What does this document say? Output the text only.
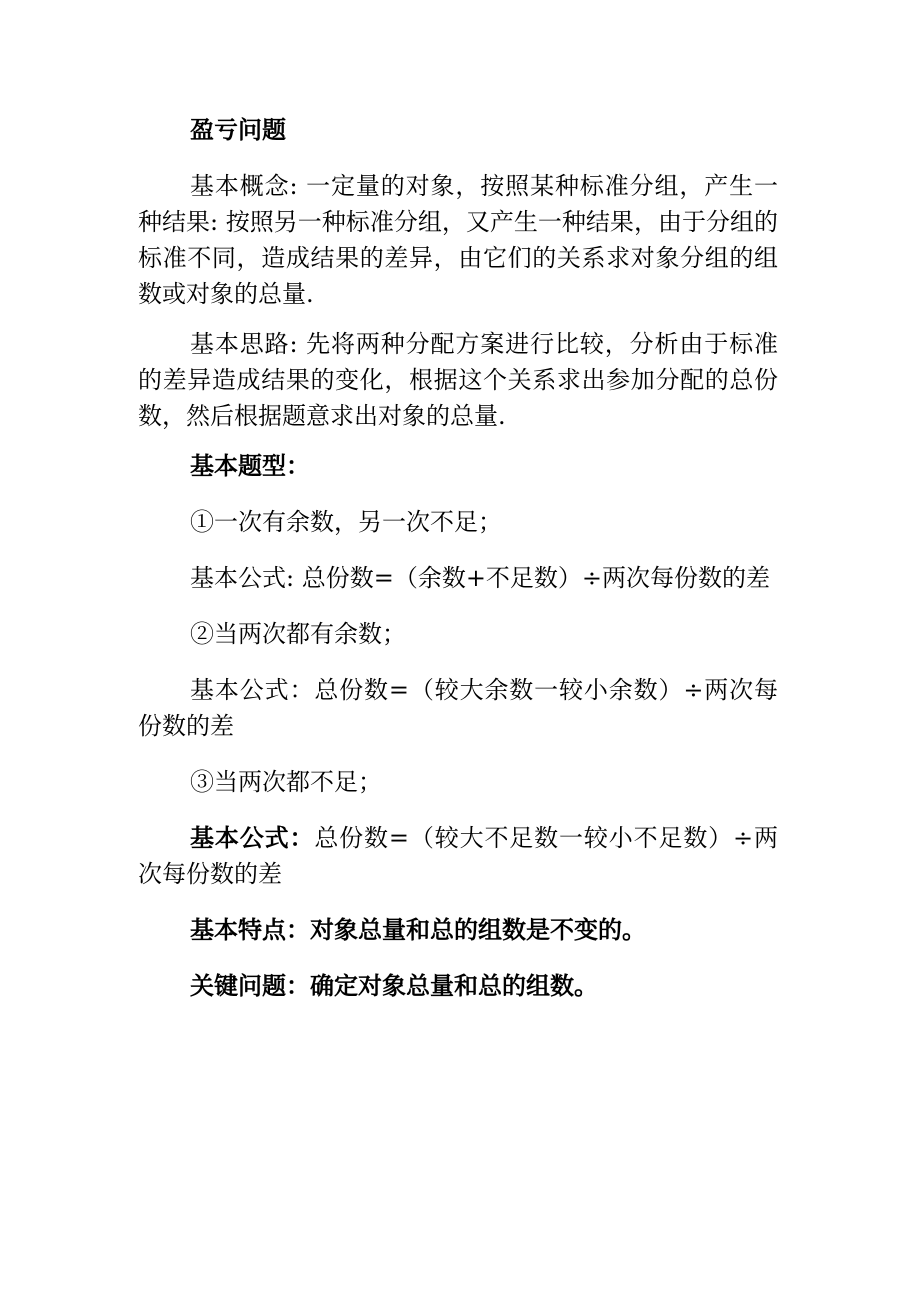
盈亏问题

基本概念: 一定量的对象，按照某种标准分组，产生一种结果: 按照另一种标准分组，又产生一种结果，由于分组的标准不同，造成结果的差异，由它们的关系求对象分组的组数或对象的总量.

基本思路: 先将两种分配方案进行比较，分析由于标准的差异造成结果的变化，根据这个关系求出参加分配的总份数，然后根据题意求出对象的总量.

基本题型：

①一次有余数，另一次不足；

基本公式: 总份数=（余数+不足数）÷两次每份数的差

②当两次都有余数；

基本公式：总份数=（较大余数一较小余数）÷两次每份数的差

③当两次都不足；

基本公式：总份数=（较大不足数一较小不足数）÷两次每份数的差

基本特点：对象总量和总的组数是不变的。

关键问题：确定对象总量和总的组数。
